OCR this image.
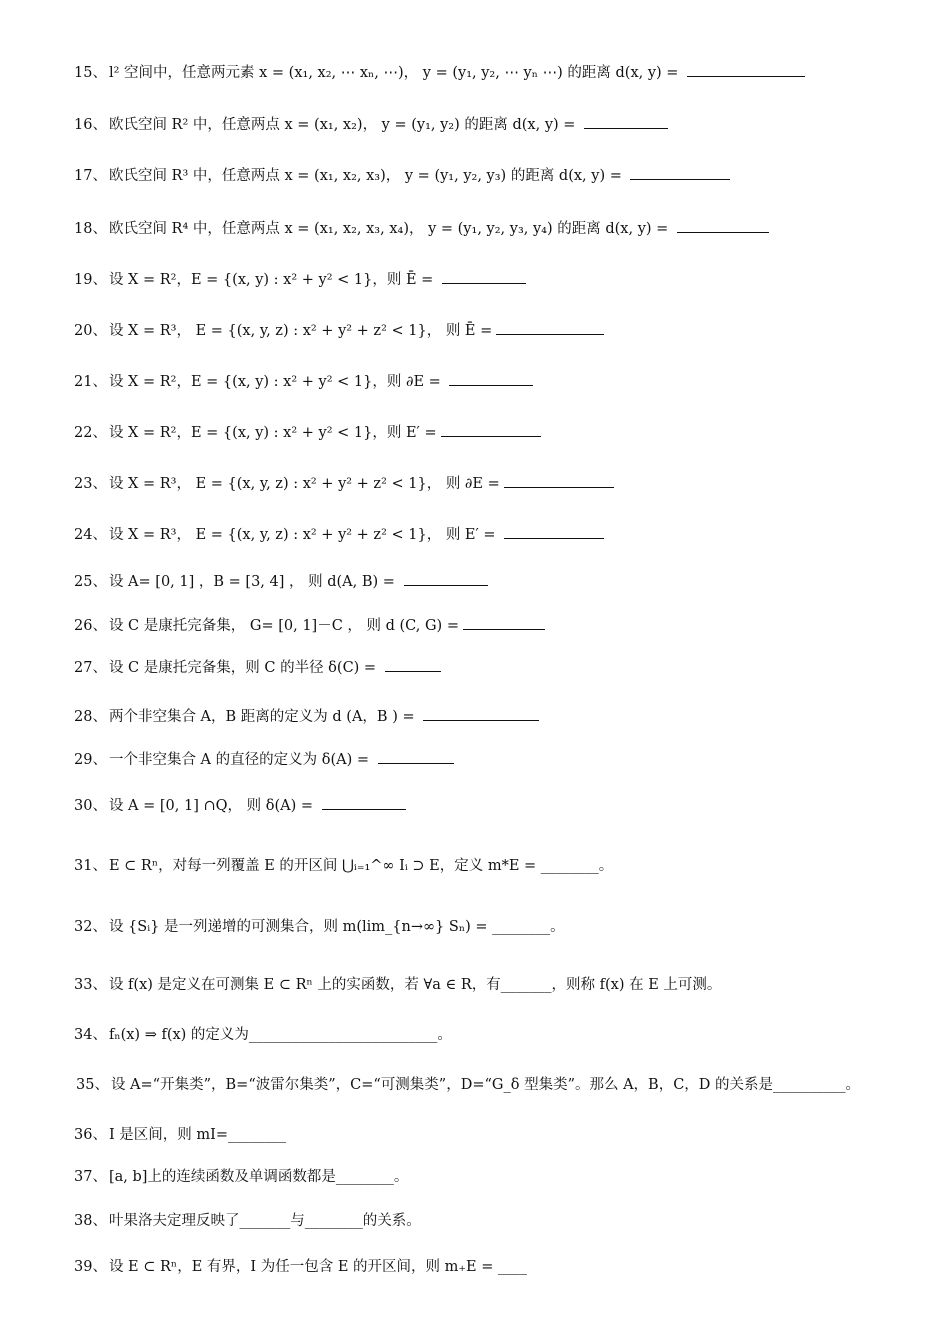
15、 l² 空间中，任意两元素 x = (x₁, x₂, ⋯ xₙ, ⋯)， y = (y₁, y₂, ⋯ yₙ ⋯) 的距离 d(x, y) =
16、 欧氏空间 R² 中，任意两点 x = (x₁, x₂)， y = (y₁, y₂) 的距离 d(x, y) =
17、 欧氏空间 R³ 中，任意两点 x = (x₁, x₂, x₃)， y = (y₁, y₂, y₃) 的距离 d(x, y) =
18、 欧氏空间 R⁴ 中，任意两点 x = (x₁, x₂, x₃, x₄)， y = (y₁, y₂, y₃, y₄) 的距离 d(x, y) =
19、 设 X = R²，E = {(x, y) : x² + y² < 1}，则 Ē =
20、 设 X = R³， E = {(x, y, z) : x² + y² + z² < 1}， 则 Ē =
21、 设 X = R²，E = {(x, y) : x² + y² < 1}，则 ∂E =
22、 设 X = R²，E = {(x, y) : x² + y² < 1}，则 E′ =
23、 设 X = R³， E = {(x, y, z) : x² + y² + z² < 1}， 则 ∂E =
24、 设 X = R³， E = {(x, y, z) : x² + y² + z² < 1}， 则 E′ =
25、 设 A= [0, 1] ，B = [3, 4] ， 则 d(A, B) =
26、 设 C 是康托完备集， G= [0, 1]－C ， 则 d (C, G) =
27、 设 C 是康托完备集，则 C 的半径 δ(C) =
28、 两个非空集合 A，B 距离的定义为 d (A，B ) =
29、 一个非空集合 A 的直径的定义为 δ(A) =
30、 设 A = [0, 1] ∩Q， 则 δ(A) =
31、 E ⊂ Rⁿ，对每一列覆盖 E 的开区间 ⋃ᵢ₌₁^∞ Iᵢ ⊃ E，定义 m*E = ________。
32、 设 {Sᵢ} 是一列递增的可测集合，则 m(lim_{n→∞} Sₙ) = ________。
33、 设 f(x) 是定义在可测集 E ⊂ Rⁿ 上的实函数，若 ∀a ∈ R，有_______，则称 f(x) 在 E 上可测。
34、 fₙ(x) ⇒ f(x) 的定义为__________________________。
35、 设 A=“开集类”，B=“波雷尔集类”，C=“可测集类”，D=“G_δ 型集类”。那么 A，B，C，D 的关系是__________。
36、 I 是区间，则 mI=________
37、 [a, b]上的连续函数及单调函数都是________。
38、 叶果洛夫定理反映了_______与________的关系。
39、 设 E ⊂ Rⁿ，E 有界，I 为任一包含 E 的开区间，则 m₊E = ____
